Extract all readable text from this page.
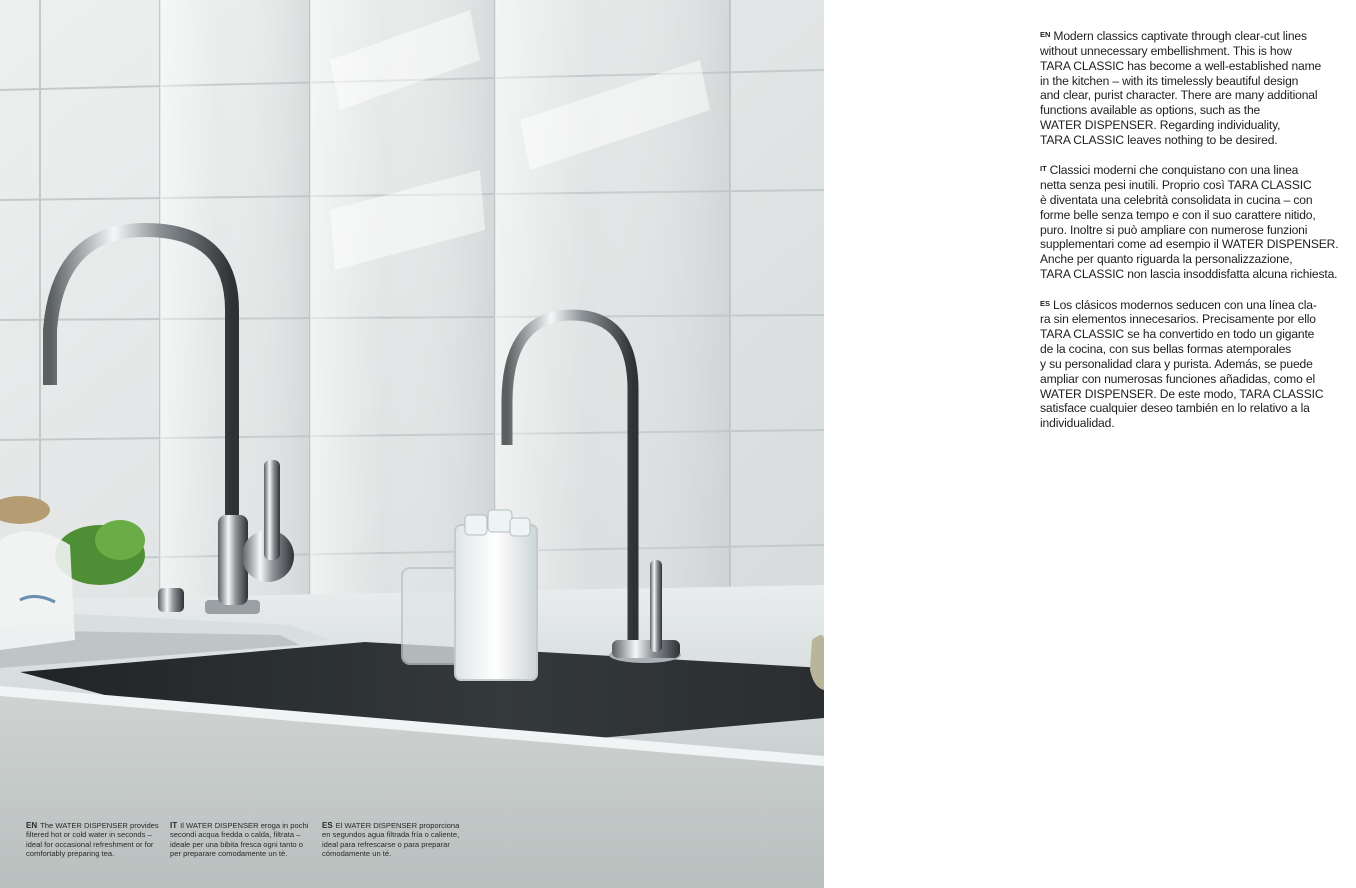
EN The WATER DISPENSER provides
filtered hot or cold water in seconds –
ideal for occasional refreshment or for
comfortably preparing tea.
IT Il WATER DISPENSER eroga in pochi
secondi acqua fredda o calda, filtrata –
ideale per una bibita fresca ogni tanto o
per preparare comodamente un tè.
ES El WATER DISPENSER proporciona
en segundos agua filtrada fría o caliente,
ideal para refrescarse o para preparar
cómodamente un té.

$^{EN}$ Modern classics captivate through clear-cut lines
without unnecessary embellishment. This is how
TARA CLASSIC has become a well-established name
in the kitchen – with its timelessly beautiful design
and clear, purist character. There are many additional
functions available as options, such as the
WATER DISPENSER. Regarding individuality,
TARA CLASSIC leaves nothing to be desired.

$^{IT}$ Classici moderni che conquistano con una linea
netta senza pesi inutili. Proprio così TARA CLASSIC
è diventata una celebrità consolidata in cucina – con
forme belle senza tempo e con il suo carattere nitido,
puro. Inoltre si può ampliare con numerose funzioni
supplementari come ad esempio il WATER DISPENSER.
Anche per quanto riguarda la personalizzazione,
TARA CLASSIC non lascia insoddisfatta alcuna richiesta.

$^{ES}$ Los clásicos modernos seducen con una línea cla-
ra sin elementos innecesarios. Precisamente por ello
TARA CLASSIC se ha convertido en todo un gigante
de la cocina, con sus bellas formas atemporales
y su personalidad clara y purista. Además, se puede
ampliar con numerosas funciones añadidas, como el
WATER DISPENSER. De este modo, TARA CLASSIC
satisface cualquier deseo también en lo relativo a la
individualidad.
